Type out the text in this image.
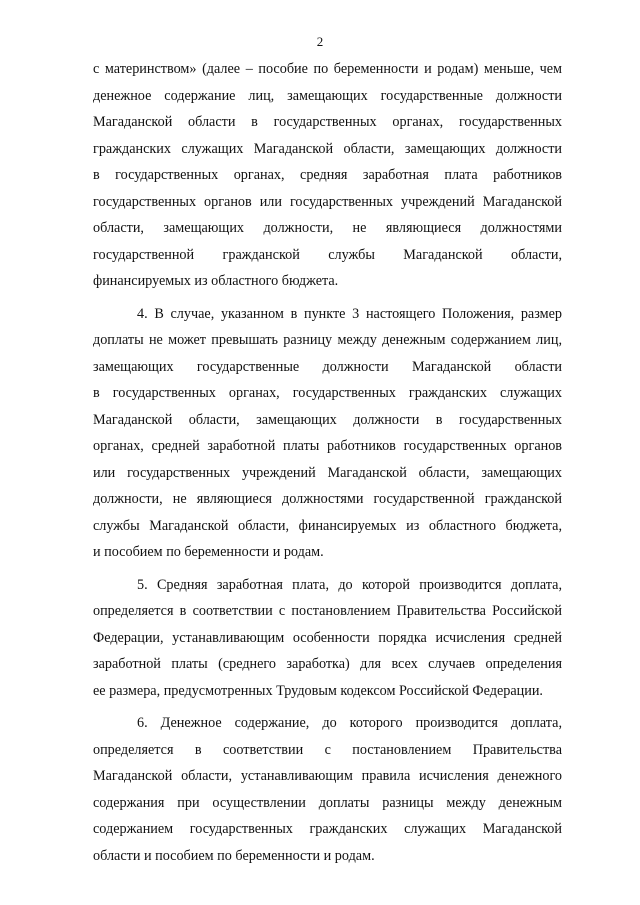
2
с материнством» (далее – пособие по беременности и родам) меньше, чем
денежное содержание лиц, замещающих государственные должности
Магаданской области в государственных органах, государственных
гражданских служащих Магаданской области, замещающих должности
в государственных органах, средняя заработная плата работников
государственных органов или государственных учреждений Магаданской
области, замещающих должности, не являющиеся должностями
государственной гражданской службы Магаданской области,
финансируемых из областного бюджета.
4. В случае, указанном в пункте 3 настоящего Положения, размер
доплаты не может превышать разницу между денежным содержанием лиц,
замещающих государственные должности Магаданской области
в государственных органах, государственных гражданских служащих
Магаданской области, замещающих должности в государственных
органах, средней заработной платы работников государственных органов
или государственных учреждений Магаданской области, замещающих
должности, не являющиеся должностями государственной гражданской
службы Магаданской области, финансируемых из областного бюджета,
и пособием по беременности и родам.
5. Средняя заработная плата, до которой производится доплата,
определяется в соответствии с постановлением Правительства Российской
Федерации, устанавливающим особенности порядка исчисления средней
заработной платы (среднего заработка) для всех случаев определения
ее размера, предусмотренных Трудовым кодексом Российской Федерации.
6. Денежное содержание, до которого производится доплата,
определяется в соответствии с постановлением Правительства
Магаданской области, устанавливающим правила исчисления денежного
содержания при осуществлении доплаты разницы между денежным
содержанием государственных гражданских служащих Магаданской
области и пособием по беременности и родам.
